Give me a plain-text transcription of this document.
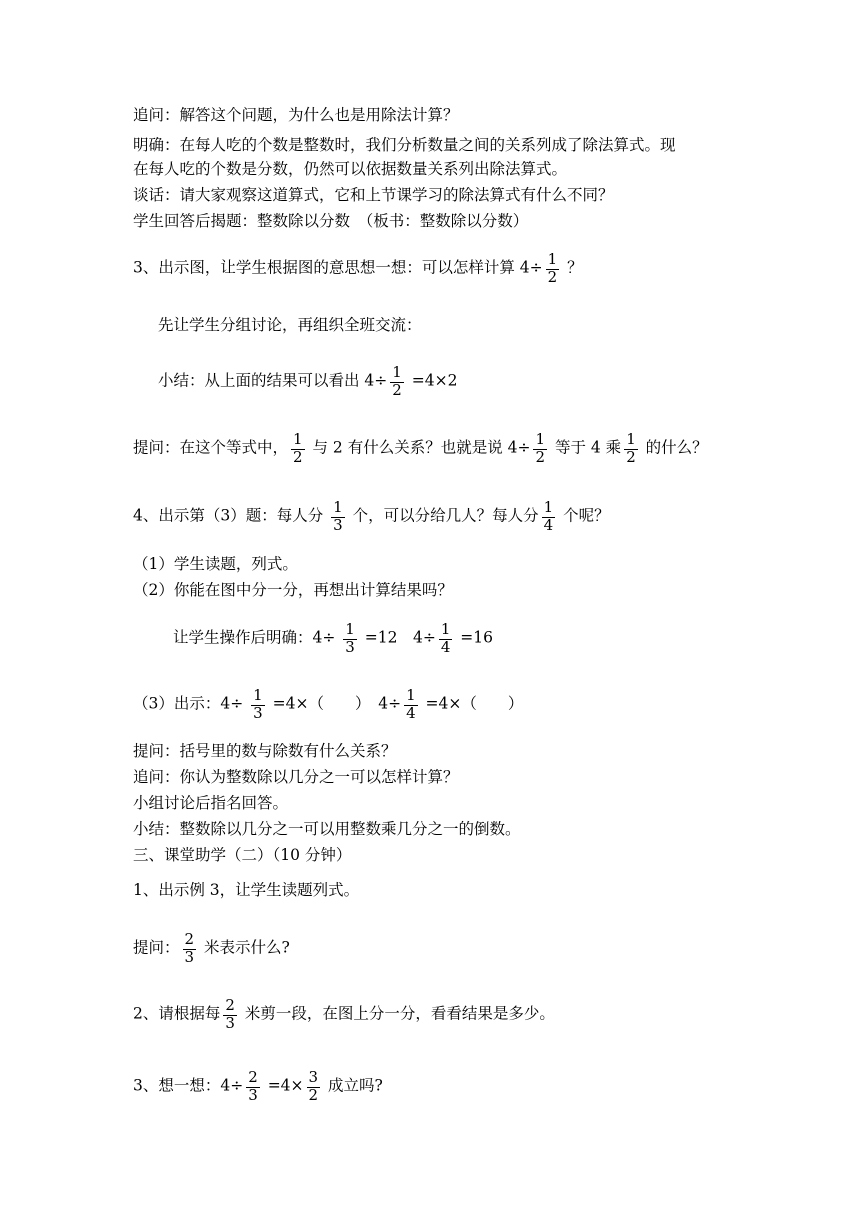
追问：解答这个问题，为什么也是用除法计算？
明确：在每人吃的个数是整数时，我们分析数量之间的关系列成了除法算式。现
在每人吃的个数是分数，仍然可以依据数量关系列出除法算式。
谈话：请大家观察这道算式，它和上节课学习的除法算式有什么不同？
学生回答后揭题：整数除以分数　（板书：整数除以分数）
3、出示图，让学生根据图的意思想一想：可以怎样计算 $4\div \frac{1}{2}$ ？
先让学生分组讨论，再组织全班交流：
小结：从上面的结果可以看出 $4\div \frac{1}{2} =4\times 2$
提问：在这个等式中， $\frac{1}{2}$ 与 2 有什么关系？也就是说 $4\div \frac{1}{2}$ 等于 4 乘 $\frac{1}{2}$ 的什么？
4、出示第（3）题：每人分 $\frac{1}{3}$ 个，可以分给几人？每人分 $\frac{1}{4}$ 个呢？
（1）学生读题，列式。
（2）你能在图中分一分，再想出计算结果吗？
让学生操作后明确：$4\div \frac{1}{3} =12$　$4\div \frac{1}{4} =16$
（3）出示：$4\div \frac{1}{3} =4\times$（　　）　$4\div \frac{1}{4} =4\times$（　　）
提问：括号里的数与除数有什么关系？
追问：你认为整数除以几分之一可以怎样计算？
小组讨论后指名回答。
小结：整数除以几分之一可以用整数乘几分之一的倒数。
三、课堂助学（二）（10 分钟）
1、出示例 3，让学生读题列式。
提问： $\frac{2}{3}$ 米表示什么?
2、请根据每 $\frac{2}{3}$ 米剪一段，在图上分一分，看看结果是多少。
3、想一想：$4\div \frac{2}{3} =4\times \frac{3}{2}$ 成立吗?
